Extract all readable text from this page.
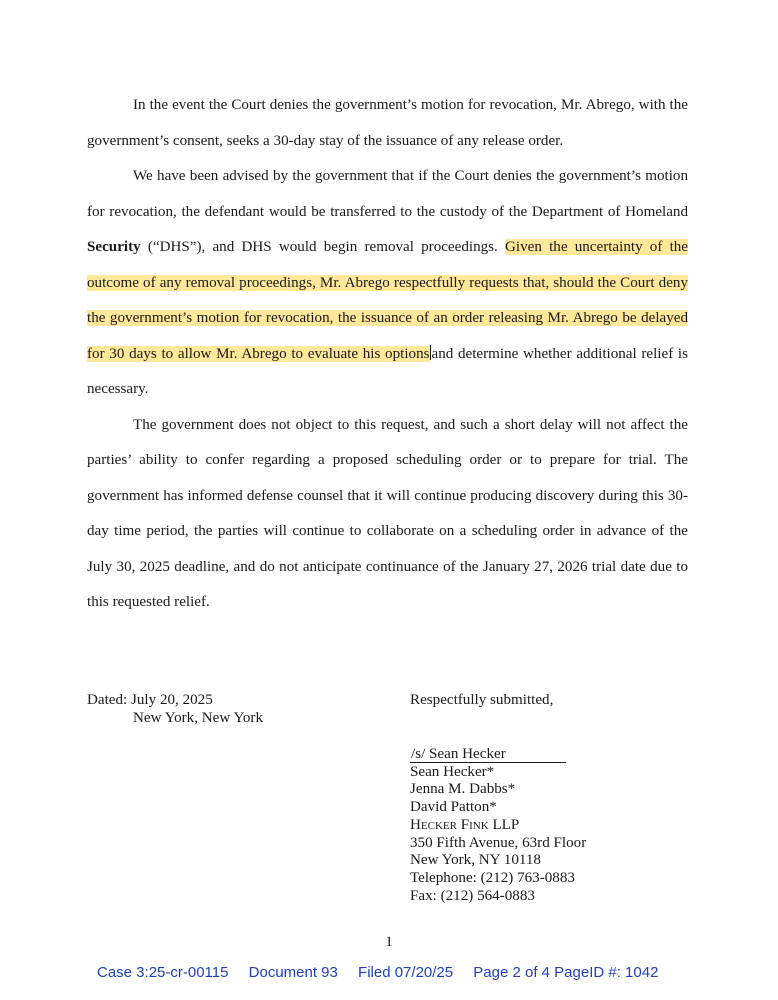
In the event the Court denies the government’s motion for revocation, Mr. Abrego, with the government’s consent, seeks a 30-day stay of the issuance of any release order.

We have been advised by the government that if the Court denies the government’s motion for revocation, the defendant would be transferred to the custody of the Department of Homeland Security (“DHS”), and DHS would begin removal proceedings. Given the uncertainty of the outcome of any removal proceedings, Mr. Abrego respectfully requests that, should the Court deny the government’s motion for revocation, the issuance of an order releasing Mr. Abrego be delayed for 30 days to allow Mr. Abrego to evaluate his options and determine whether additional relief is necessary.

The government does not object to this request, and such a short delay will not affect the parties’ ability to confer regarding a proposed scheduling order or to prepare for trial. The government has informed defense counsel that it will continue producing discovery during this 30-day time period, the parties will continue to collaborate on a scheduling order in advance of the July 30, 2025 deadline, and do not anticipate continuance of the January 27, 2026 trial date due to this requested relief.

Dated: July 20, 2025
New York, New York
Respectfully submitted,
/s/ Sean Hecker
Sean Hecker*
Jenna M. Dabbs*
David Patton*
Hecker Fink LLP
350 Fifth Avenue, 63rd Floor
New York, NY 10118
Telephone: (212) 763-0883
Fax: (212) 564-0883
1
Case 3:25-cr-00115 Document 93 Filed 07/20/25 Page 2 of 4 PageID #: 1042
